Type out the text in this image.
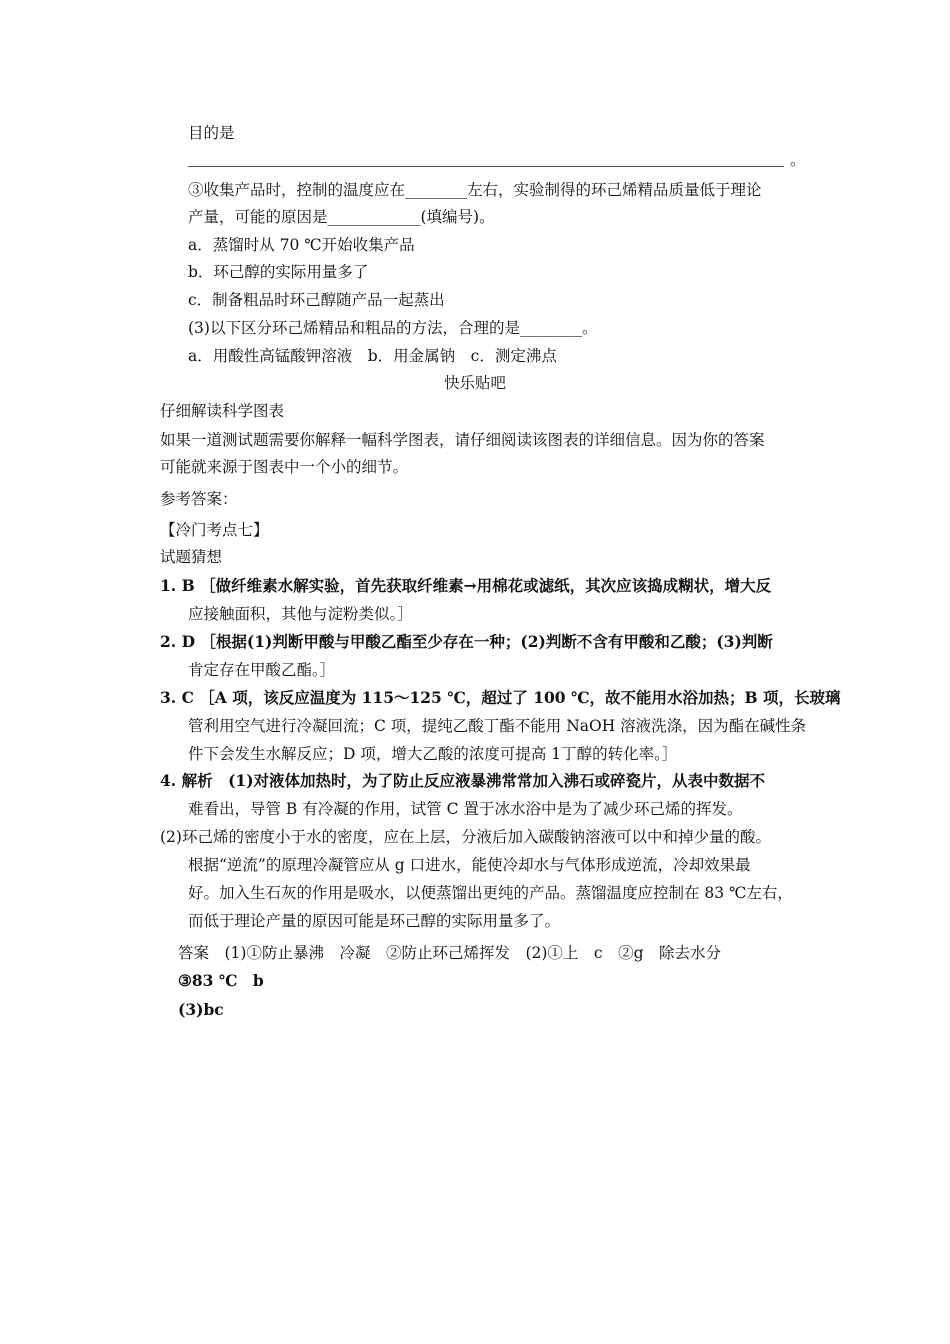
目的是
。
③收集产品时，控制的温度应在________左右，实验制得的环己烯精品质量低于理论
产量，可能的原因是____________(填编号)。
a．蒸馏时从 70 ℃开始收集产品
b．环己醇的实际用量多了
c．制备粗品时环己醇随产品一起蒸出
(3)以下区分环己烯精品和粗品的方法，合理的是________。
a．用酸性高锰酸钾溶液　b．用金属钠　c．测定沸点
快乐贴吧
仔细解读科学图表
如果一道测试题需要你解释一幅科学图表，请仔细阅读该图表的详细信息。因为你的答案
可能就来源于图表中一个小的细节。
参考答案：
【冷门考点七】
试题猜想
1. B ［做纤维素水解实验，首先获取纤维素→用棉花或滤纸，其次应该捣成糊状，增大反
应接触面积，其他与淀粉类似。］
2. D ［根据(1)判断甲酸与甲酸乙酯至少存在一种；(2)判断不含有甲酸和乙酸；(3)判断
肯定存在甲酸乙酯。］
3. C ［A 项，该反应温度为 115～125 ℃，超过了 100 ℃，故不能用水浴加热；B 项，长玻璃
管利用空气进行冷凝回流；C 项，提纯乙酸丁酯不能用 NaOH 溶液洗涤，因为酯在碱性条
件下会发生水解反应；D 项，增大乙酸的浓度可提高 1丁醇的转化率。］
4. 解析　(1)对液体加热时，为了防止反应液暴沸常常加入沸石或碎瓷片，从表中数据不
难看出，导管 B 有冷凝的作用，试管 C 置于冰水浴中是为了减少环己烯的挥发。
(2)环己烯的密度小于水的密度，应在上层，分液后加入碳酸钠溶液可以中和掉少量的酸。
根据“逆流”的原理冷凝管应从 g 口进水，能使冷却水与气体形成逆流，冷却效果最
好。加入生石灰的作用是吸水，以便蒸馏出更纯的产品。蒸馏温度应控制在 83 ℃左右，
而低于理论产量的原因可能是环己醇的实际用量多了。
答案　(1)①防止暴沸　冷凝　②防止环己烯挥发　(2)①上　c　②g　除去水分
③83 ℃　b
(3)bc
